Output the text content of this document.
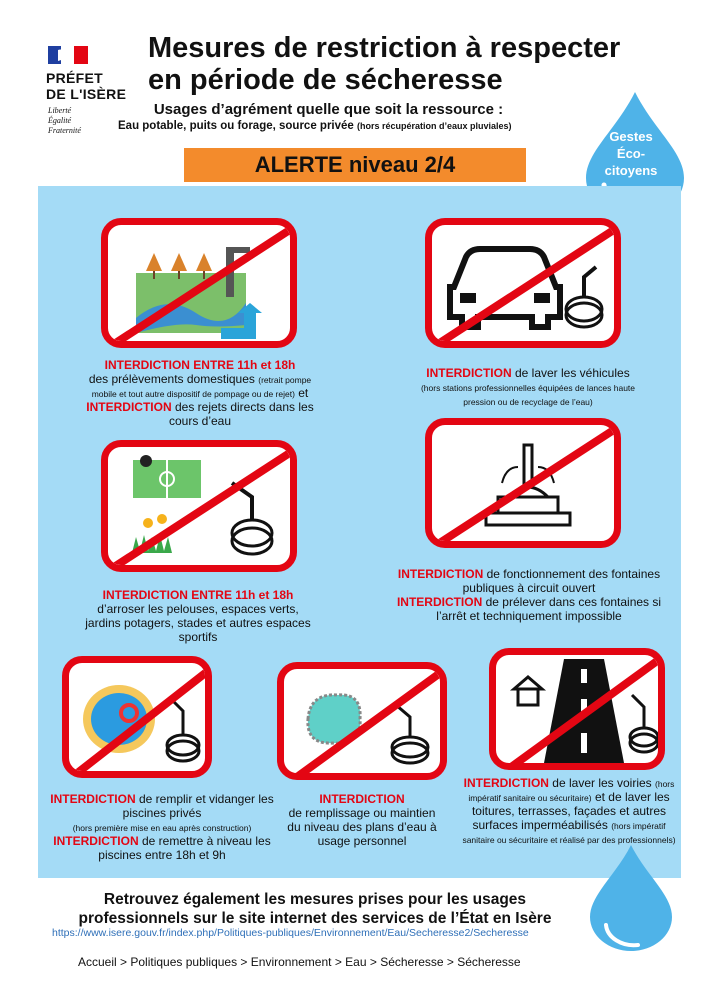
PRÉFET
DE L'ISÈRE
Liberté
Égalité
Fraternité
Mesures de restriction à respecter
en période de sécheresse
Usages d’agrément quelle que soit la ressource :
Eau potable, puits ou forage, source privée (hors récupération d’eaux pluviales)
ALERTE niveau 2/4
Gestes
Éco-
citoyens
INTERDICTION ENTRE 11h et 18h
des prélèvements domestiques (retrait pompe mobile et tout autre dispositif de pompage ou de rejet) et INTERDICTION des rejets directs dans les cours d’eau
INTERDICTION de laver les véhicules
(hors stations professionnelles équipées de lances haute pression ou de recyclage de l’eau)
INTERDICTION ENTRE 11h et 18h
d’arroser les pelouses, espaces verts, jardins potagers, stades et autres espaces sportifs
INTERDICTION de fonctionnement des fontaines publiques à circuit ouvert
INTERDICTION de prélever dans ces fontaines si l’arrêt et techniquement impossible
INTERDICTION de remplir et vidanger les piscines privés
(hors première mise en eau après construction)
INTERDICTION de remettre à niveau les piscines entre 18h et 9h
INTERDICTION
de remplissage ou maintien du niveau des plans d’eau à usage personnel
INTERDICTION de laver les voiries (hors impératif sanitaire ou sécuritaire) et de laver les toitures, terrasses, façades et autres surfaces imperméabilisés (hors impératif sanitaire ou sécuritaire et réalisé par des professionnels)
Retrouvez également les mesures prises pour les usages
professionnels sur le site internet des services de l’État en Isère
https://www.isere.gouv.fr/index.php/Politiques-publiques/Environnement/Eau/Secheresse2/Secheresse
Accueil > Politiques publiques > Environnement > Eau > Sécheresse > Sécheresse
